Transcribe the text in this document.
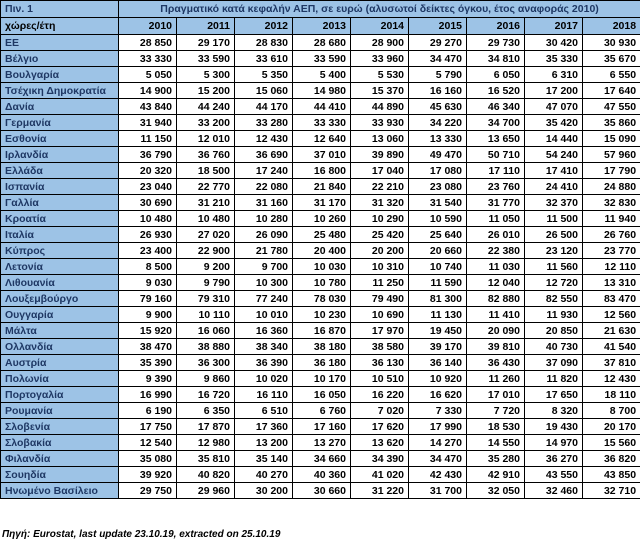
Πιν. 1	Πραγματικό κατά κεφαλήν ΑΕΠ, σε ευρώ (αλυσωτοί δείκτες όγκου, έτος αναφοράς 2010)								
χώρες/έτη	2010	2011	2012	2013	2014	2015	2016	2017	2018
ΕΕ	28 850	29 170	28 830	28 680	28 900	29 270	29 730	30 420	30 930
Βέλγιο	33 330	33 590	33 610	33 590	33 960	34 470	34 810	35 330	35 670
Βουλγαρία	5 050	5 300	5 350	5 400	5 530	5 790	6 050	6 310	6 550
Τσέχικη Δημοκρατία	14 900	15 200	15 060	14 980	15 370	16 160	16 520	17 200	17 640
Δανία	43 840	44 240	44 170	44 410	44 890	45 630	46 340	47 070	47 550
Γερμανία	31 940	33 200	33 280	33 330	33 930	34 220	34 700	35 420	35 860
Εσθονία	11 150	12 010	12 430	12 640	13 060	13 330	13 650	14 440	15 090
Ιρλανδία	36 790	36 760	36 690	37 010	39 890	49 470	50 710	54 240	57 960
Ελλάδα	20 320	18 500	17 240	16 800	17 040	17 080	17 110	17 410	17 790
Ισπανία	23 040	22 770	22 080	21 840	22 210	23 080	23 760	24 410	24 880
Γαλλία	30 690	31 210	31 160	31 170	31 320	31 540	31 770	32 370	32 830
Κροατία	10 480	10 480	10 280	10 260	10 290	10 590	11 050	11 500	11 940
Ιταλία	26 930	27 020	26 090	25 480	25 420	25 640	26 010	26 500	26 760
Κύπρος	23 400	22 900	21 780	20 400	20 200	20 660	22 380	23 120	23 770
Λετονία	8 500	9 200	9 700	10 030	10 310	10 740	11 030	11 560	12 110
Λιθουανία	9 030	9 790	10 300	10 780	11 250	11 590	12 040	12 720	13 310
Λουξεμβούργο	79 160	79 310	77 240	78 030	79 490	81 300	82 880	82 550	83 470
Ουγγαρία	9 900	10 110	10 010	10 230	10 690	11 130	11 410	11 930	12 560
Μάλτα	15 920	16 060	16 360	16 870	17 970	19 450	20 090	20 850	21 630
Ολλανδία	38 470	38 880	38 340	38 180	38 580	39 170	39 810	40 730	41 540
Αυστρία	35 390	36 300	36 390	36 180	36 130	36 140	36 430	37 090	37 810
Πολωνία	9 390	9 860	10 020	10 170	10 510	10 920	11 260	11 820	12 430
Πορτογαλία	16 990	16 720	16 110	16 050	16 220	16 620	17 010	17 650	18 110
Ρουμανία	6 190	6 350	6 510	6 760	7 020	7 330	7 720	8 320	8 700
Σλοβενία	17 750	17 870	17 360	17 160	17 620	17 990	18 530	19 430	20 170
Σλοβακία	12 540	12 980	13 200	13 270	13 620	14 270	14 550	14 970	15 560
Φιλανδία	35 080	35 810	35 140	34 660	34 390	34 470	35 280	36 270	36 820
Σουηδία	39 920	40 820	40 270	40 360	41 020	42 430	42 910	43 550	43 850
Ηνωμένο Βασίλειο	29 750	29 960	30 200	30 660	31 220	31 700	32 050	32 460	32 710
Πηγή: Eurostat, last update 23.10.19, extracted on 25.10.19
